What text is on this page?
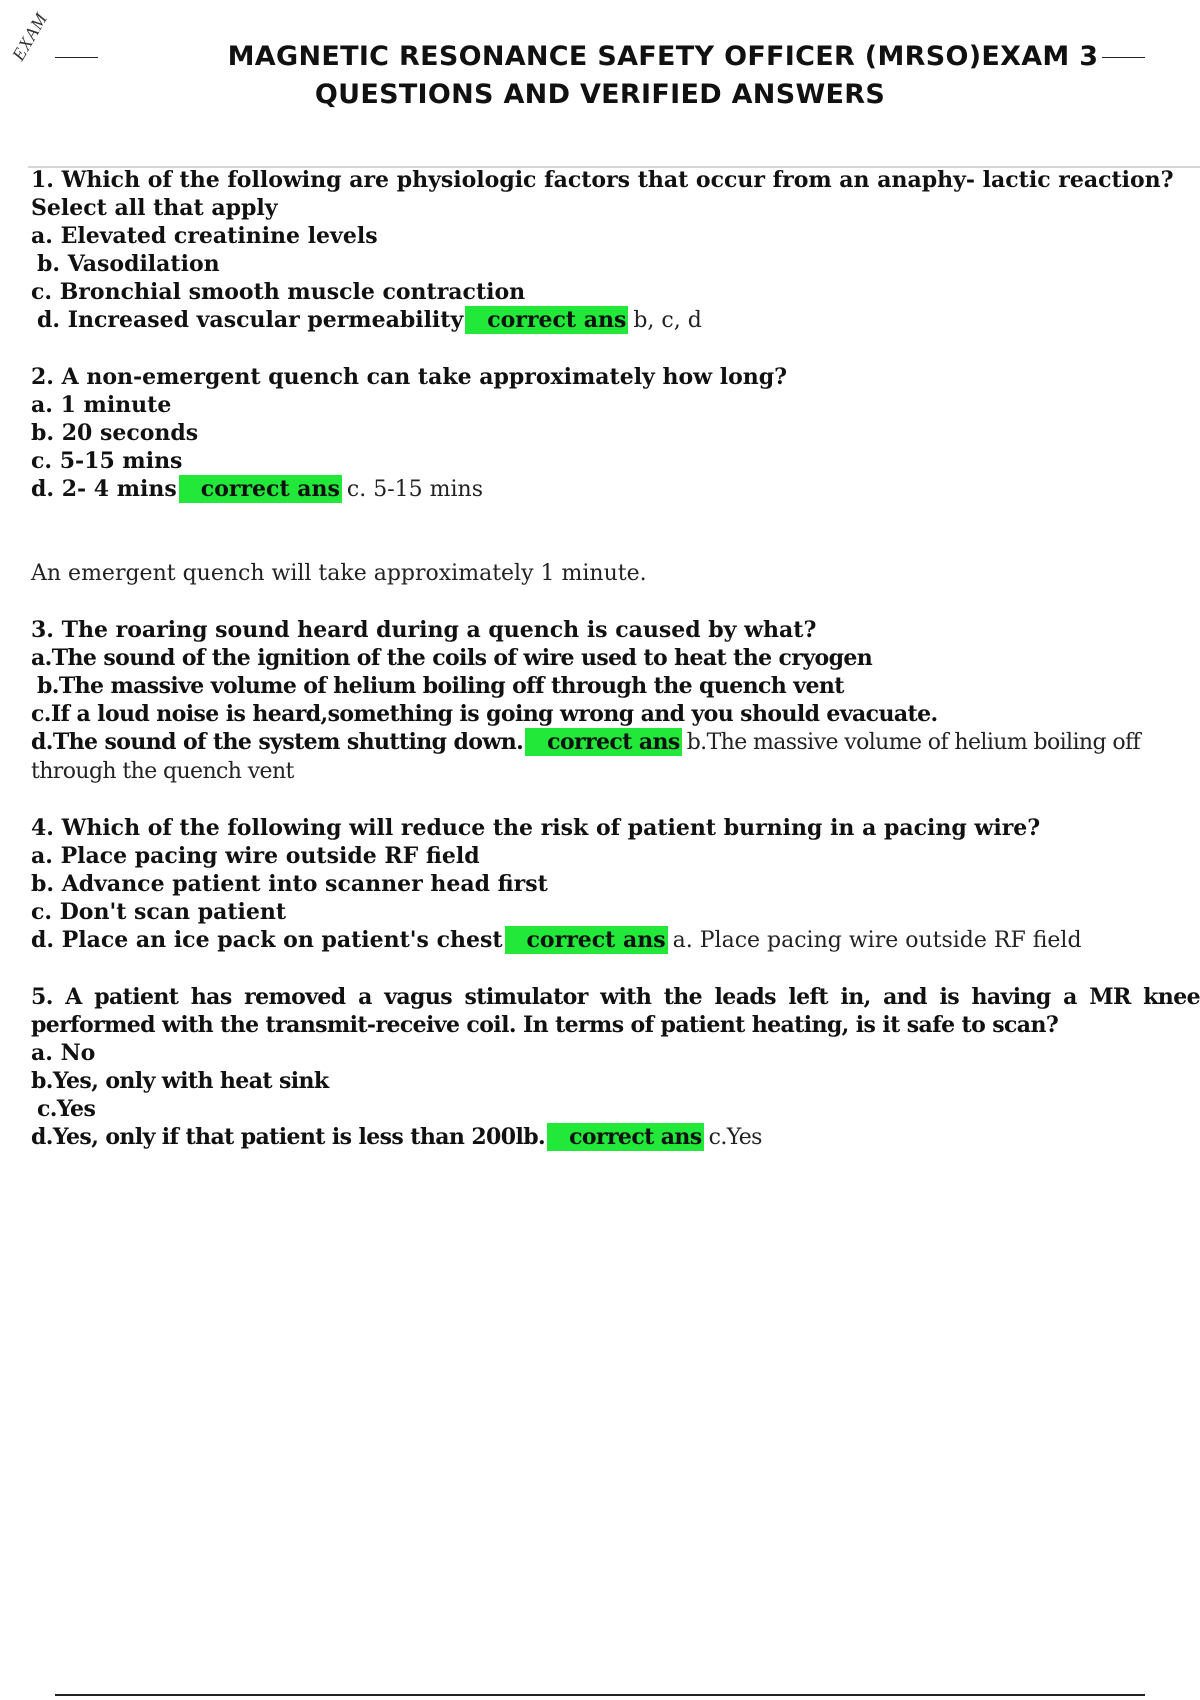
EXAM	MAGNETIC RESONANCE SAFETY OFFICER (MRSO)EXAM 3

QUESTIONS AND VERIFIED ANSWERS

1. Which of the following are physiologic factors that occur from an anaphy- lactic reaction? Select all that apply

a. Elevated creatinine levels

b. Vasodilation

c. Bronchial smooth muscle contraction

d. Increased vascular permeability correct ans b, c, d

2. A non-emergent quench can take approximately how long?

a. 1 minute

b. 20 seconds

c. 5-15 mins

d. 2- 4 mins correct ans c. 5-15 mins

An emergent quench will take approximately 1 minute.

3. The roaring sound heard during a quench is caused by what?

a.The sound of the ignition of the coils of wire used to heat the cryogen

b.The massive volume of helium boiling off through the quench vent

c.If a loud noise is heard,something is going wrong and you should evacuate.

d.The sound of the system shutting down. correct ans b.The massive volume of helium boiling off through the quench vent

4. Which of the following will reduce the risk of patient burning in a pacing wire?

a. Place pacing wire outside RF field

b. Advance patient into scanner head first

c. Don't scan patient

d. Place an ice pack on patient's chest correct ans a. Place pacing wire outside RF field

5. A patient has removed a vagus stimulator with the leads left in, and is having a MR knee performed with the transmit-receive coil. In terms of patient heating, is it safe to scan?

a. No

b.Yes, only with heat sink

c.Yes

d.Yes, only if that patient is less than 200lb. correct ans c.Yes
